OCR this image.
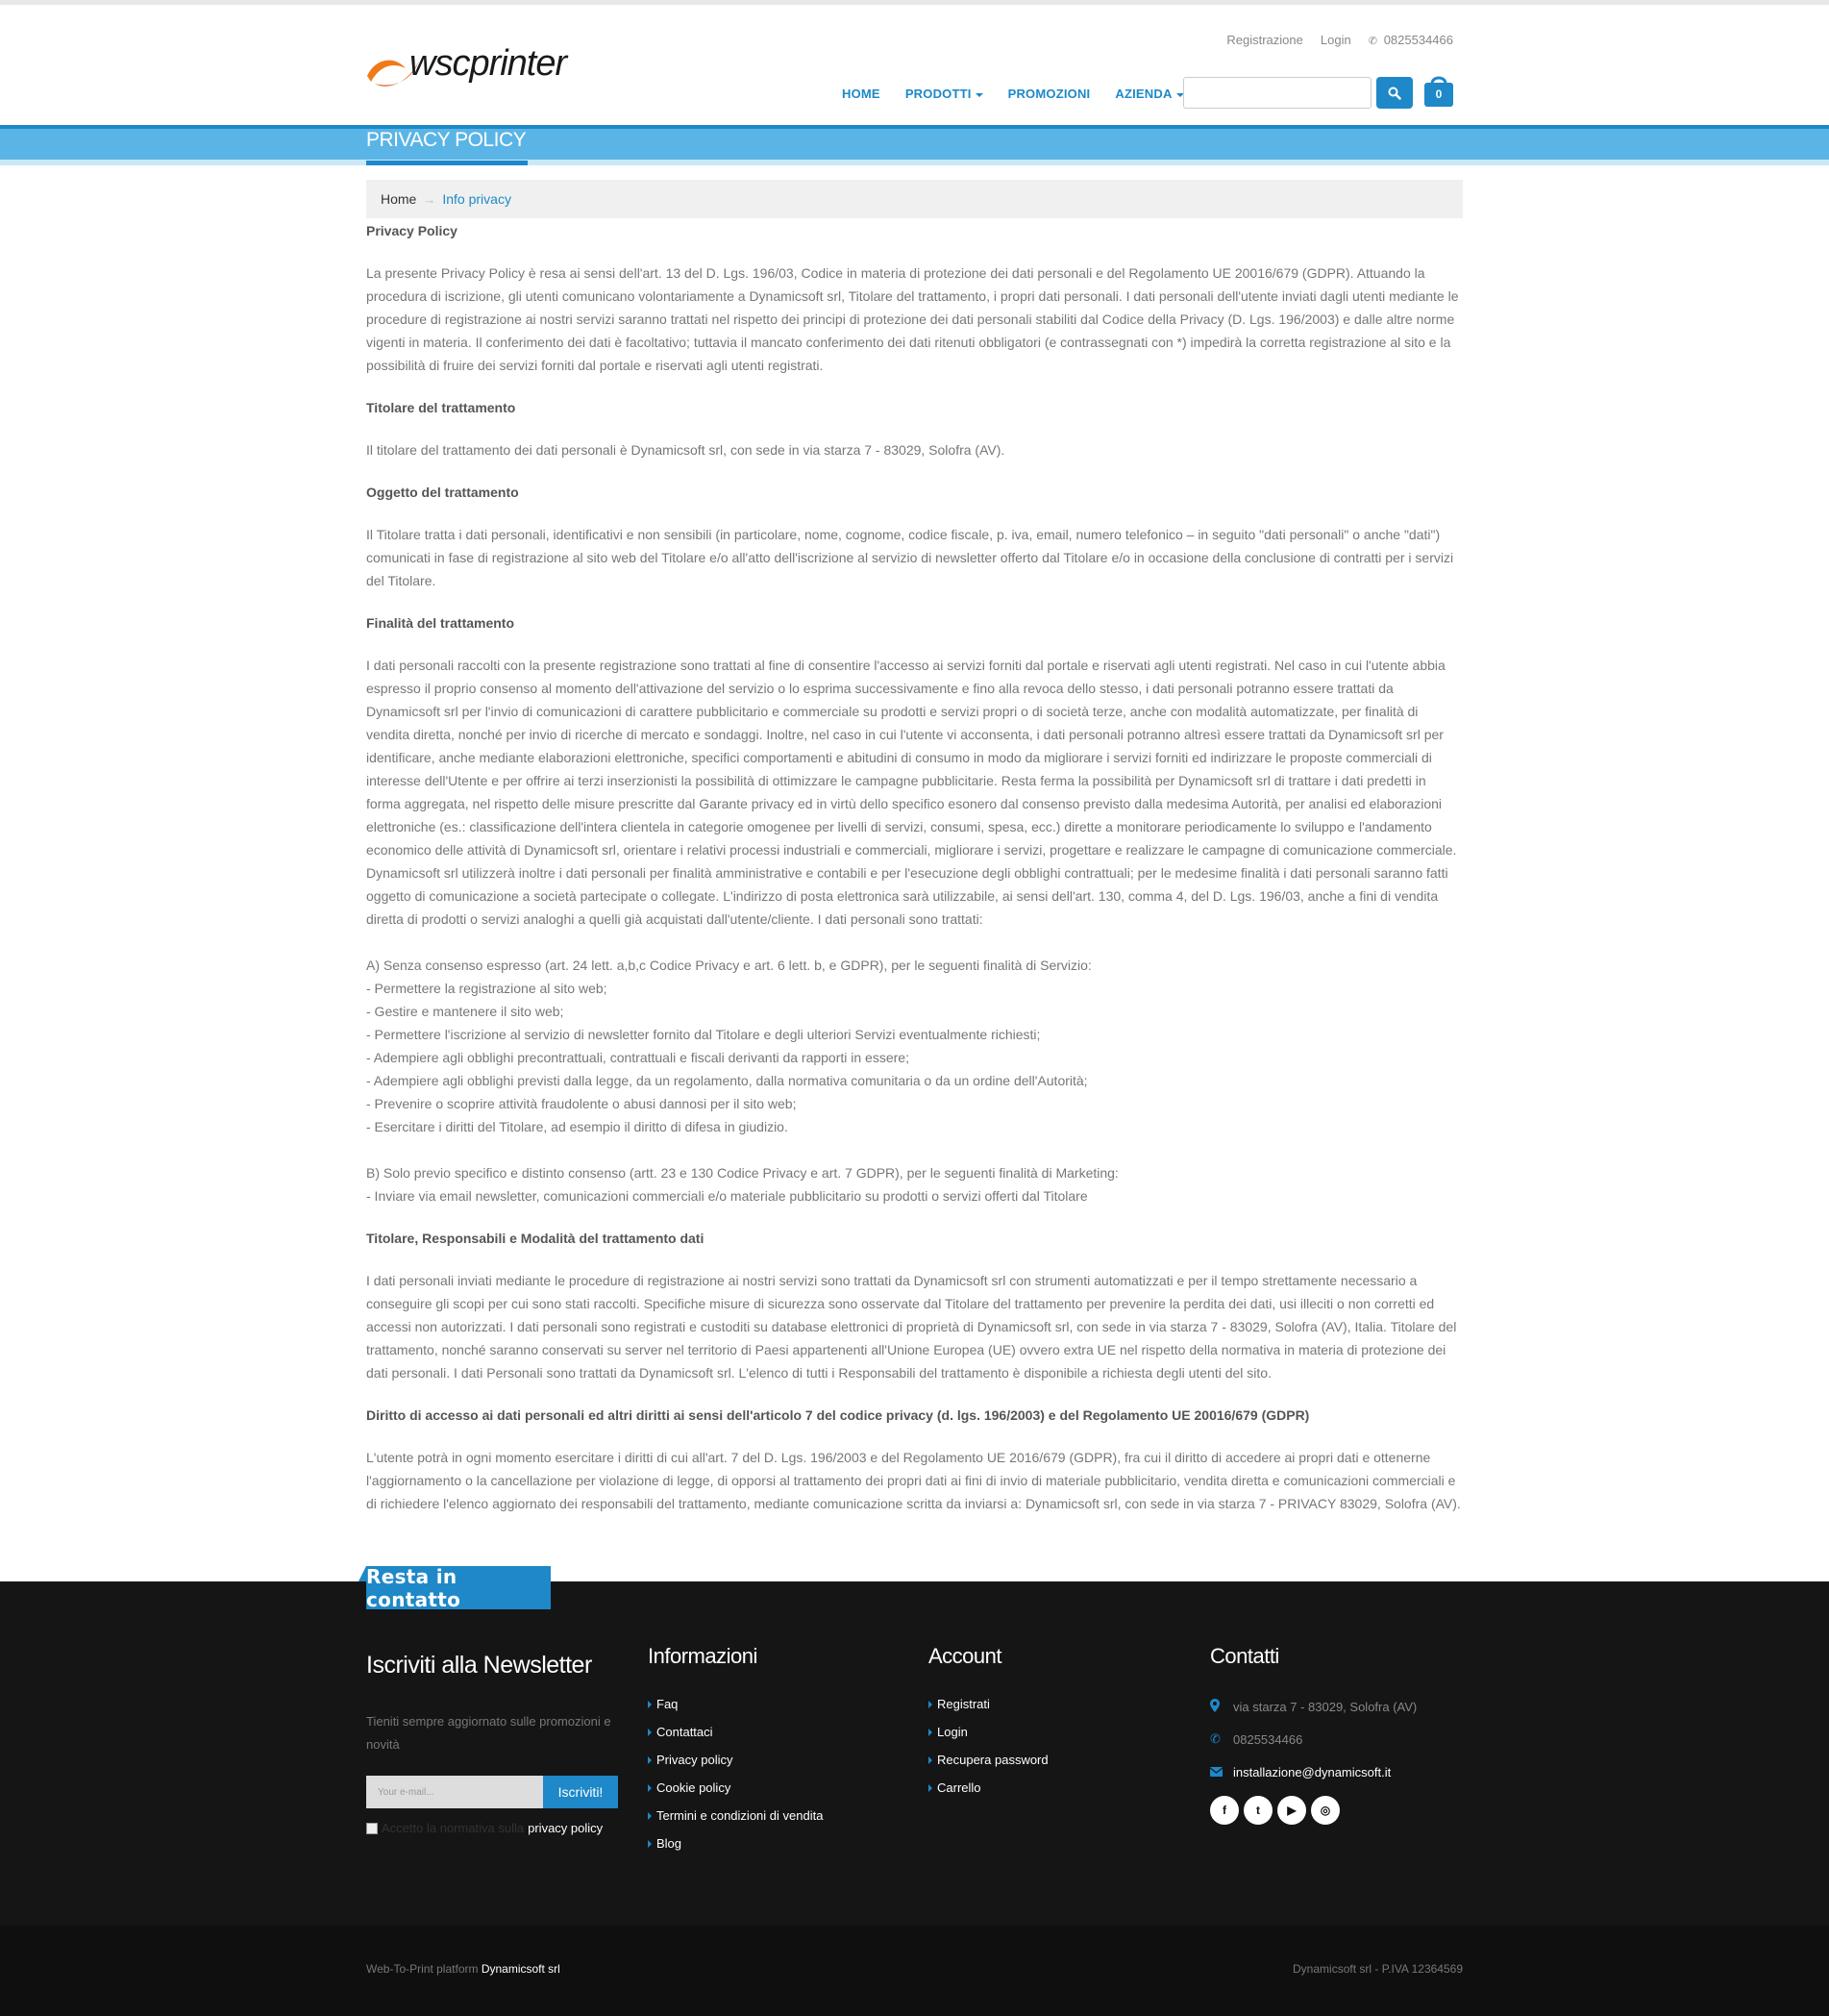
wscprinter
Registrazione Login ✆ 0825534466
HOME PRODOTTI	PROMOZIONI AZIENDA	0
PRIVACY POLICY
Home → Info privacy
Privacy Policy

La presente Privacy Policy è resa ai sensi dell'art. 13 del D. Lgs. 196/03, Codice in materia di protezione dei dati personali e del Regolamento UE 20016/679 (GDPR). Attuando la procedura di iscrizione, gli utenti comunicano volontariamente a Dynamicsoft srl, Titolare del trattamento, i propri dati personali. I dati personali dell'utente inviati dagli utenti mediante le procedure di registrazione ai nostri servizi saranno trattati nel rispetto dei principi di protezione dei dati personali stabiliti dal Codice della Privacy (D. Lgs. 196/2003) e dalle altre norme vigenti in materia. Il conferimento dei dati è facoltativo; tuttavia il mancato conferimento dei dati ritenuti obbligatori (e contrassegnati con *) impedirà la corretta registrazione al sito e la possibilità di fruire dei servizi forniti dal portale e riservati agli utenti registrati.

Titolare del trattamento

Il titolare del trattamento dei dati personali è Dynamicsoft srl, con sede in via starza 7 - 83029, Solofra (AV).

Oggetto del trattamento

Il Titolare tratta i dati personali, identificativi e non sensibili (in particolare, nome, cognome, codice fiscale, p. iva, email, numero telefonico – in seguito "dati personali" o anche "dati") comunicati in fase di registrazione al sito web del Titolare e/o all'atto dell'iscrizione al servizio di newsletter offerto dal Titolare e/o in occasione della conclusione di contratti per i servizi del Titolare.

Finalità del trattamento

I dati personali raccolti con la presente registrazione sono trattati al fine di consentire l'accesso ai servizi forniti dal portale e riservati agli utenti registrati. Nel caso in cui l'utente abbia espresso il proprio consenso al momento dell'attivazione del servizio o lo esprima successivamente e fino alla revoca dello stesso, i dati personali potranno essere trattati da Dynamicsoft srl per l'invio di comunicazioni di carattere pubblicitario e commerciale su prodotti e servizi propri o di società terze, anche con modalità automatizzate, per finalità di vendita diretta, nonché per invio di ricerche di mercato e sondaggi. Inoltre, nel caso in cui l'utente vi acconsenta, i dati personali potranno altresì essere trattati da Dynamicsoft srl per identificare, anche mediante elaborazioni elettroniche, specifici comportamenti e abitudini di consumo in modo da migliorare i servizi forniti ed indirizzare le proposte commerciali di interesse dell'Utente e per offrire ai terzi inserzionisti la possibilità di ottimizzare le campagne pubblicitarie. Resta ferma la possibilità per Dynamicsoft srl di trattare i dati predetti in forma aggregata, nel rispetto delle misure prescritte dal Garante privacy ed in virtù dello specifico esonero dal consenso previsto dalla medesima Autorità, per analisi ed elaborazioni elettroniche (es.: classificazione dell'intera clientela in categorie omogenee per livelli di servizi, consumi, spesa, ecc.) dirette a monitorare periodicamente lo sviluppo e l'andamento economico delle attività di Dynamicsoft srl, orientare i relativi processi industriali e commerciali, migliorare i servizi, progettare e realizzare le campagne di comunicazione commerciale. Dynamicsoft srl utilizzerà inoltre i dati personali per finalità amministrative e contabili e per l'esecuzione degli obblighi contrattuali; per le medesime finalità i dati personali saranno fatti oggetto di comunicazione a società partecipate o collegate. L'indirizzo di posta elettronica sarà utilizzabile, ai sensi dell'art. 130, comma 4, del D. Lgs. 196/03, anche a fini di vendita diretta di prodotti o servizi analoghi a quelli già acquistati dall'utente/cliente. I dati personali sono trattati:

A) Senza consenso espresso (art. 24 lett. a,b,c Codice Privacy e art. 6 lett. b, e GDPR), per le seguenti finalità di Servizio:
- Permettere la registrazione al sito web;
- Gestire e mantenere il sito web;
- Permettere l'iscrizione al servizio di newsletter fornito dal Titolare e degli ulteriori Servizi eventualmente richiesti;
- Adempiere agli obblighi precontrattuali, contrattuali e fiscali derivanti da rapporti in essere;
- Adempiere agli obblighi previsti dalla legge, da un regolamento, dalla normativa comunitaria o da un ordine dell'Autorità;
- Prevenire o scoprire attività fraudolente o abusi dannosi per il sito web;
- Esercitare i diritti del Titolare, ad esempio il diritto di difesa in giudizio.

B) Solo previo specifico e distinto consenso (artt. 23 e 130 Codice Privacy e art. 7 GDPR), per le seguenti finalità di Marketing:
- Inviare via email newsletter, comunicazioni commerciali e/o materiale pubblicitario su prodotti o servizi offerti dal Titolare

Titolare, Responsabili e Modalità del trattamento dati

I dati personali inviati mediante le procedure di registrazione ai nostri servizi sono trattati da Dynamicsoft srl con strumenti automatizzati e per il tempo strettamente necessario a conseguire gli scopi per cui sono stati raccolti. Specifiche misure di sicurezza sono osservate dal Titolare del trattamento per prevenire la perdita dei dati, usi illeciti o non corretti ed accessi non autorizzati. I dati personali sono registrati e custoditi su database elettronici di proprietà di Dynamicsoft srl, con sede in via starza 7 - 83029, Solofra (AV), Italia. Titolare del trattamento, nonché saranno conservati su server nel territorio di Paesi appartenenti all'Unione Europea (UE) ovvero extra UE nel rispetto della normativa in materia di protezione dei dati personali. I dati Personali sono trattati da Dynamicsoft srl. L'elenco di tutti i Responsabili del trattamento è disponibile a richiesta degli utenti del sito.

Diritto di accesso ai dati personali ed altri diritti ai sensi dell'articolo 7 del codice privacy (d. lgs. 196/2003) e del Regolamento UE 20016/679 (GDPR)

L'utente potrà in ogni momento esercitare i diritti di cui all'art. 7 del D. Lgs. 196/2003 e del Regolamento UE 2016/679 (GDPR), fra cui il diritto di accedere ai propri dati e ottenerne l'aggiornamento o la cancellazione per violazione di legge, di opporsi al trattamento dei propri dati ai fini di invio di materiale pubblicitario, vendita diretta e comunicazioni commerciali e di richiedere l'elenco aggiornato dei responsabili del trattamento, mediante comunicazione scritta da inviarsi a: Dynamicsoft srl, con sede in via starza 7 - PRIVACY 83029, Solofra (AV).

Resta in contatto
Iscriviti alla Newsletter
Tieniti sempre aggiornato sulle promozioni e novità
Your e-mail...	Iscriviti!
Accetto la normativa sulla privacy policy
Informazioni
Faq
Contattaci
Privacy policy
Cookie policy
Termini e condizioni di vendita
Blog
Account
Registrati
Login
Recupera password
Carrello
Contatti
via starza 7 - 83029, Solofra (AV)
✆	0825534466
installazione@dynamicsoft.it
f	t	▶	◎
Web-To-Print platform Dynamicsoft srl	Dynamicsoft srl - P.IVA 12364569
